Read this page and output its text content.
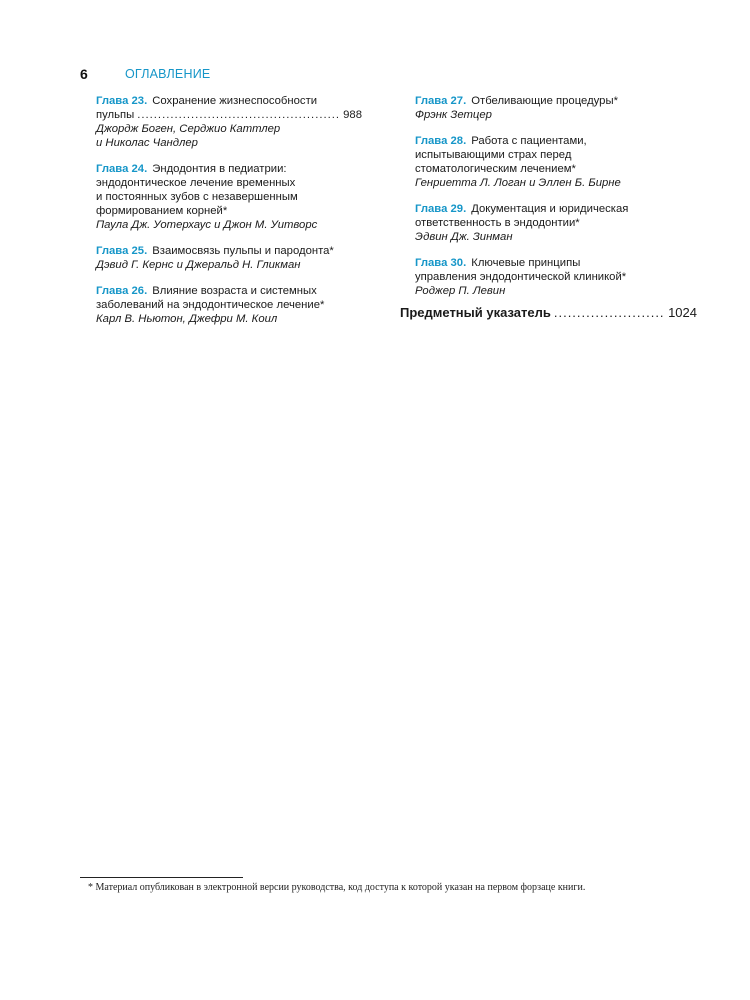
6	ОГЛАВЛЕНИЕ
Глава 23. Сохранение жизнеспособности
пульпы .....	988
Джордж Боген, Серджио Каттлер
и Николас Чандлер
Глава 24. Эндодонтия в педиатрии:
эндодонтическое лечение временных
и постоянных зубов с незавершенным
формированием корней*
Паула Дж. Уотерхаус и Джон М. Уитворс
Глава 25. Взаимосвязь пульпы и пародонта*
Дэвид Г. Кернс и Джеральд Н. Гликман
Глава 26. Влияние возраста и системных
заболеваний на эндодонтическое лечение*
Карл В. Ньютон, Джефри М. Коил
Глава 27. Отбеливающие процедуры*
Фрэнк Зетцер
Глава 28. Работа с пациентами,
испытывающими страх перед
стоматологическим лечением*
Генриетта Л. Логан и Эллен Б. Бирне
Глава 29. Документация и юридическая
ответственность в эндодонтии*
Эдвин Дж. Зинман
Глава 30. Ключевые принципы
управления эндодонтической клиникой*
Роджер П. Левин
Предметный указатель .....	1024
* Материал опубликован в электронной версии руководства, код доступа к которой указан на первом форзаце книги.
